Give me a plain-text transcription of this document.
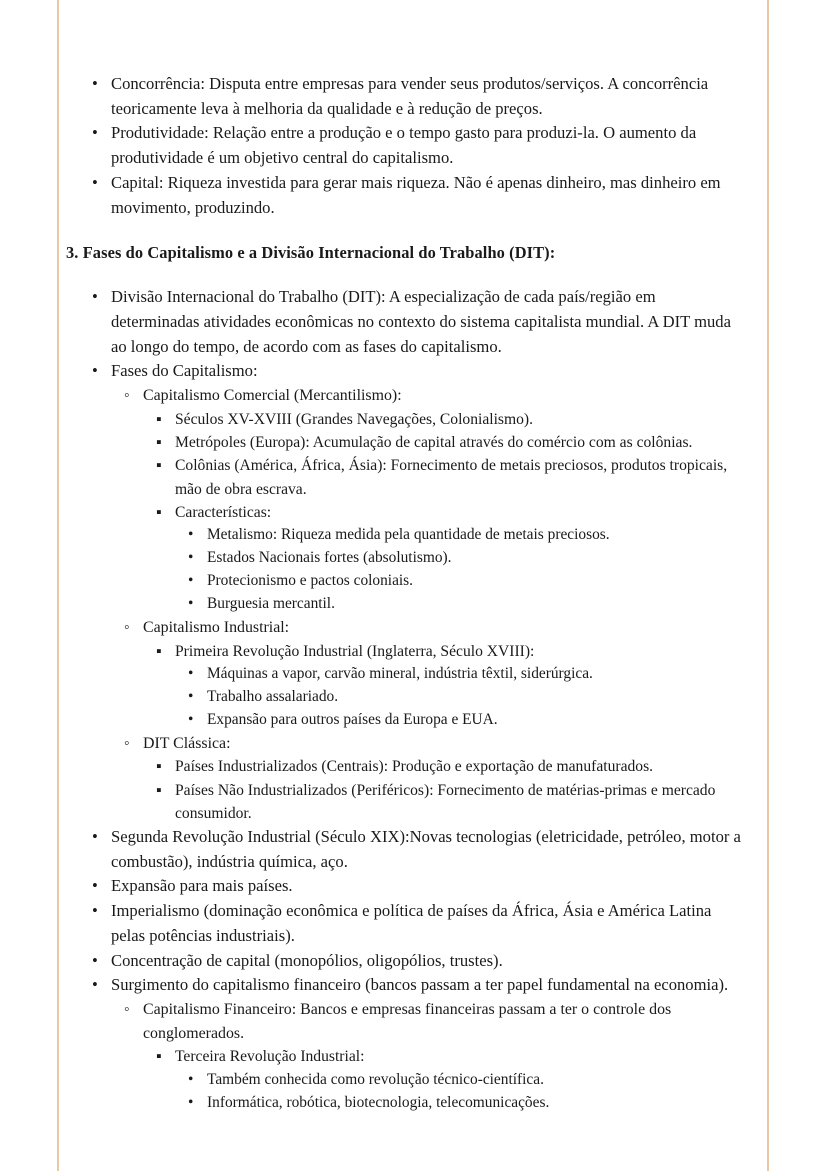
• Concorrência: Disputa entre empresas para vender seus produtos/serviços. A concorrência teoricamente leva à melhoria da qualidade e à redução de preços.
• Produtividade: Relação entre a produção e o tempo gasto para produzi-la. O aumento da produtividade é um objetivo central do capitalismo.
• Capital: Riqueza investida para gerar mais riqueza. Não é apenas dinheiro, mas dinheiro em movimento, produzindo.
3. Fases do Capitalismo e a Divisão Internacional do Trabalho (DIT):
• Divisão Internacional do Trabalho (DIT): A especialização de cada país/região em determinadas atividades econômicas no contexto do sistema capitalista mundial. A DIT muda ao longo do tempo, de acordo com as fases do capitalismo.
• Fases do Capitalismo:
◦ Capitalismo Comercial (Mercantilismo):
▪ Séculos XV-XVIII (Grandes Navegações, Colonialismo).
▪ Metrópoles (Europa): Acumulação de capital através do comércio com as colônias.
▪ Colônias (América, África, Ásia): Fornecimento de metais preciosos, produtos tropicais, mão de obra escrava.
▪ Características:
• Metalismo: Riqueza medida pela quantidade de metais preciosos.
• Estados Nacionais fortes (absolutismo).
• Protecionismo e pactos coloniais.
• Burguesia mercantil.
◦ Capitalismo Industrial:
▪ Primeira Revolução Industrial (Inglaterra, Século XVIII):
• Máquinas a vapor, carvão mineral, indústria têxtil, siderúrgica.
• Trabalho assalariado.
• Expansão para outros países da Europa e EUA.
◦ DIT Clássica:
▪ Países Industrializados (Centrais): Produção e exportação de manufaturados.
▪ Países Não Industrializados (Periféricos): Fornecimento de matérias-primas e mercado consumidor.
• Segunda Revolução Industrial (Século XIX):Novas tecnologias (eletricidade, petróleo, motor a combustão), indústria química, aço.
• Expansão para mais países.
• Imperialismo (dominação econômica e política de países da África, Ásia e América Latina pelas potências industriais).
• Concentração de capital (monopólios, oligopólios, trustes).
• Surgimento do capitalismo financeiro (bancos passam a ter papel fundamental na economia).
◦ Capitalismo Financeiro: Bancos e empresas financeiras passam a ter o controle dos conglomerados.
▪ Terceira Revolução Industrial:
• Também conhecida como revolução técnico-científica.
• Informática, robótica, biotecnologia, telecomunicações.
